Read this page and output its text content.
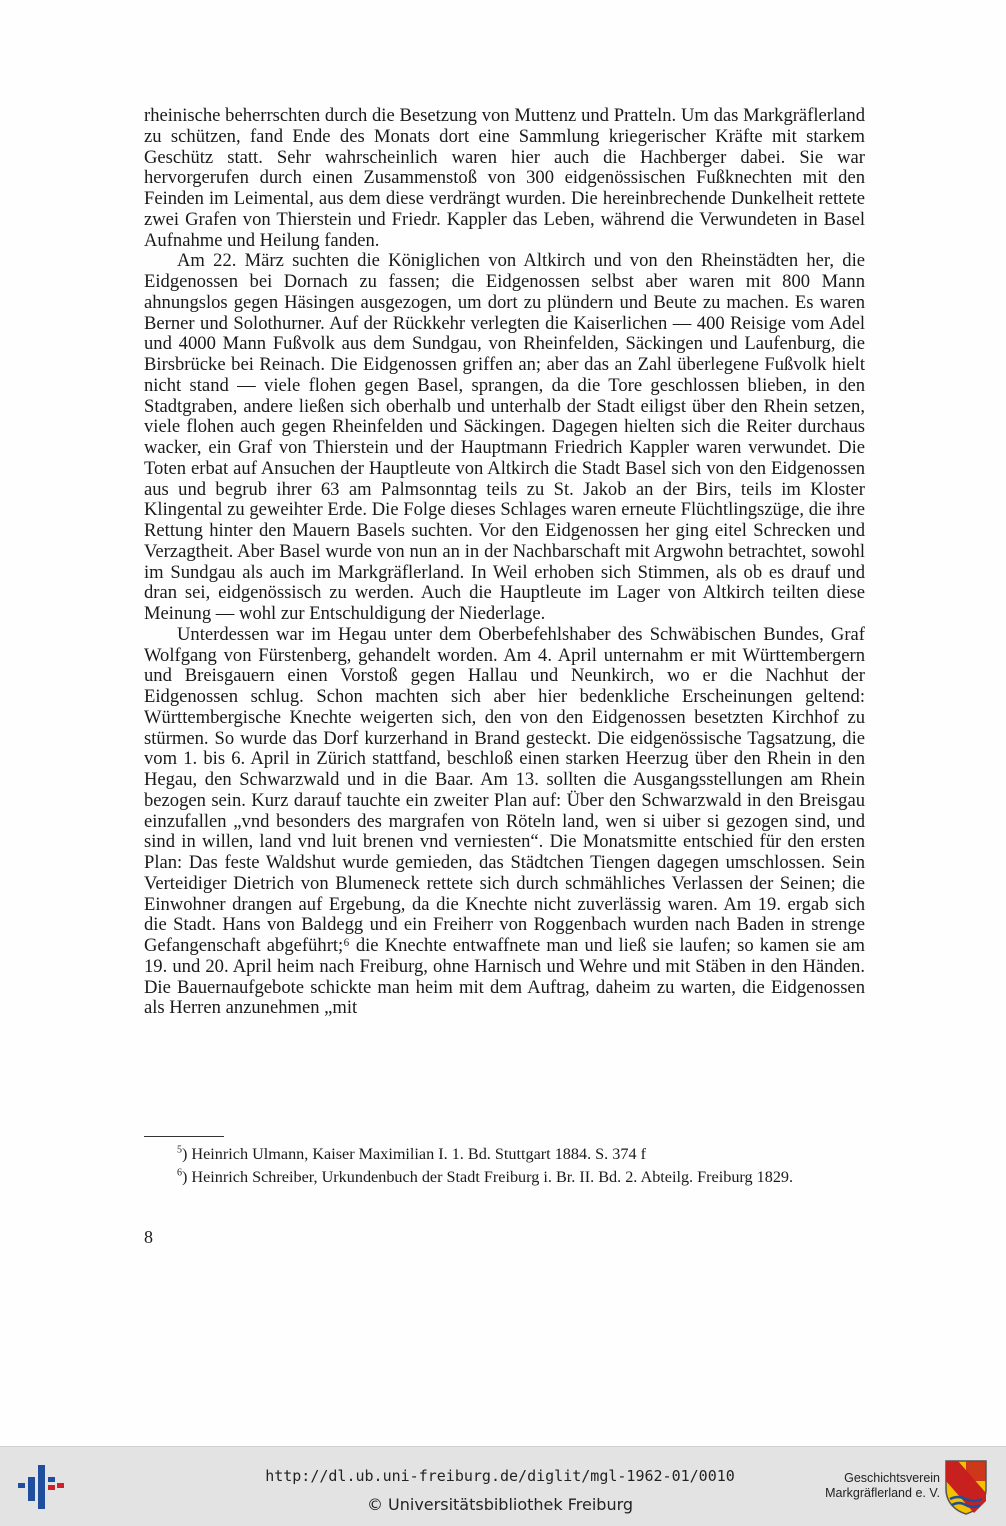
rheinische beherrschten durch die Besetzung von Muttenz und Pratteln. Um das Markgräflerland zu schützen, fand Ende des Monats dort eine Sammlung kriegerischer Kräfte mit starkem Geschütz statt. Sehr wahrscheinlich waren hier auch die Hachberger dabei. Sie war hervorgerufen durch einen Zusammenstoß von 300 eidgenössischen Fußknechten mit den Feinden im Leimental, aus dem diese verdrängt wurden. Die hereinbrechende Dunkelheit rettete zwei Grafen von Thierstein und Friedr. Kappler das Leben, während die Verwundeten in Basel Aufnahme und Heilung fanden.

Am 22. März suchten die Königlichen von Altkirch und von den Rheinstädten her, die Eidgenossen bei Dornach zu fassen; die Eidgenossen selbst aber waren mit 800 Mann ahnungslos gegen Häsingen ausgezogen, um dort zu plündern und Beute zu machen. Es waren Berner und Solothurner. Auf der Rückkehr verlegten die Kaiserlichen — 400 Reisige vom Adel und 4000 Mann Fußvolk aus dem Sundgau, von Rheinfelden, Säckingen und Laufenburg, die Birsbrücke bei Reinach. Die Eidgenossen griffen an; aber das an Zahl überlegene Fußvolk hielt nicht stand — viele flohen gegen Basel, sprangen, da die Tore geschlossen blieben, in den Stadtgraben, andere ließen sich oberhalb und unterhalb der Stadt eiligst über den Rhein setzen, viele flohen auch gegen Rheinfelden und Säckingen. Dagegen hielten sich die Reiter durchaus wacker, ein Graf von Thierstein und der Hauptmann Friedrich Kappler waren verwundet. Die Toten erbat auf Ansuchen der Hauptleute von Altkirch die Stadt Basel sich von den Eidgenossen aus und begrub ihrer 63 am Palmsonntag teils zu St. Jakob an der Birs, teils im Kloster Klingental zu geweihter Erde. Die Folge dieses Schlages waren erneute Flüchtlingszüge, die ihre Rettung hinter den Mauern Basels suchten. Vor den Eidgenossen her ging eitel Schrecken und Verzagtheit. Aber Basel wurde von nun an in der Nachbarschaft mit Argwohn betrachtet, sowohl im Sundgau als auch im Markgräflerland. In Weil erhoben sich Stimmen, als ob es drauf und dran sei, eidgenössisch zu werden. Auch die Hauptleute im Lager von Altkirch teilten diese Meinung — wohl zur Entschuldigung der Niederlage.

Unterdessen war im Hegau unter dem Oberbefehlshaber des Schwäbischen Bundes, Graf Wolfgang von Fürstenberg, gehandelt worden. Am 4. April unternahm er mit Württembergern und Breisgauern einen Vorstoß gegen Hallau und Neunkirch, wo er die Nachhut der Eidgenossen schlug. Schon machten sich aber hier bedenkliche Erscheinungen geltend: Württembergische Knechte weigerten sich, den von den Eidgenossen besetzten Kirchhof zu stürmen. So wurde das Dorf kurzerhand in Brand gesteckt. Die eidgenössische Tagsatzung, die vom 1. bis 6. April in Zürich stattfand, beschloß einen starken Heerzug über den Rhein in den Hegau, den Schwarzwald und in die Baar. Am 13. sollten die Ausgangsstellungen am Rhein bezogen sein. Kurz darauf tauchte ein zweiter Plan auf: Über den Schwarzwald in den Breisgau einzufallen „vnd besonders des margrafen von Röteln land, wen si uiber si gezogen sind, und sind in willen, land vnd luit brenen vnd verniesten“. Die Monatsmitte entschied für den ersten Plan: Das feste Waldshut wurde gemieden, das Städtchen Tiengen dagegen umschlossen. Sein Verteidiger Dietrich von Blumeneck rettete sich durch schmähliches Verlassen der Seinen; die Einwohner drangen auf Ergebung, da die Knechte nicht zuverlässig waren. Am 19. ergab sich die Stadt. Hans von Baldegg und ein Freiherr von Roggenbach wurden nach Baden in strenge Gefangenschaft abgeführt;⁶ die Knechte entwaffnete man und ließ sie laufen; so kamen sie am 19. und 20. April heim nach Freiburg, ohne Harnisch und Wehre und mit Stäben in den Händen. Die Bauernaufgebote schickte man heim mit dem Auftrag, daheim zu warten, die Eidgenossen als Herren anzunehmen „mit

$^5$) Heinrich Ulmann, Kaiser Maximilian I. 1. Bd. Stuttgart 1884. S. 374 f

$^6$) Heinrich Schreiber, Urkundenbuch der Stadt Freiburg i. Br. II. Bd. 2. Abteilg. Freiburg 1829.

8
http://dl.ub.uni-freiburg.de/diglit/mgl-1962-01/0010
© Universitätsbibliothek Freiburg
Geschichtsverein
Markgräflerland e. V.
